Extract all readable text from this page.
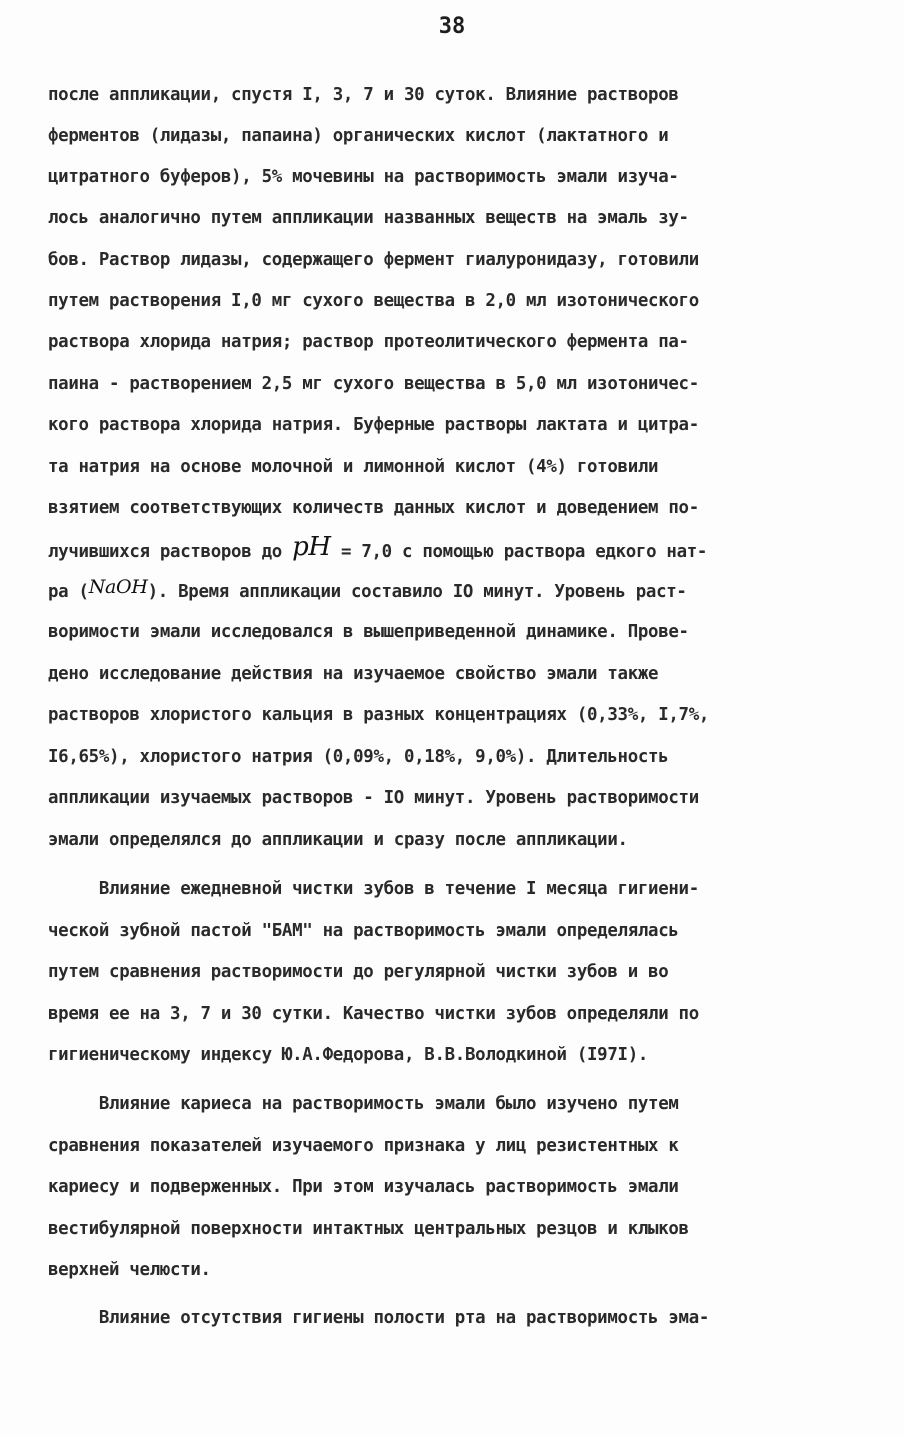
38
после аппликации, спустя I, 3, 7 и 30 суток. Влияние растворов
ферментов (лидазы, папаина) органических кислот (лактатного и
цитратного буферов), 5% мочевины на растворимость эмали изуча-
лось аналогично путем аппликации названных веществ на эмаль зу-
бов. Раствор лидазы, содержащего фермент гиалуронидазу, готовили
путем растворения I,0 мг сухого вещества в 2,0 мл изотонического
раствора хлорида натрия; раствор протеолитического фермента па-
паина - растворением 2,5 мг сухого вещества в 5,0 мл изотоничес-
кого раствора хлорида натрия. Буферные растворы лактата и цитра-
та натрия на основе молочной и лимонной кислот (4%) готовили
взятием соответствующих количеств данных кислот и доведением по-
лучившихся растворов до pH = 7,0 с помощью раствора едкого нат-
ра (NaOH). Время аппликации составило IO минут. Уровень раст-
воримости эмали исследовался в вышеприведенной динамике. Прове-
дено исследование действия на изучаемое свойство эмали также
растворов хлористого кальция в разных концентрациях (0,33%, I,7%,
I6,65%), хлористого натрия (0,09%, 0,18%, 9,0%). Длительность
аппликации изучаемых растворов - IO минут. Уровень растворимости
эмали определялся до аппликации и сразу после аппликации.
Влияние ежедневной чистки зубов в течение I месяца гигиени-
ческой зубной пастой "БАМ" на растворимость эмали определялась
путем сравнения растворимости до регулярной чистки зубов и во
время ее на 3, 7 и 30 сутки. Качество чистки зубов определяли по
гигиеническому индексу Ю.А.Федорова, В.В.Володкиной (I97I).
Влияние кариеса на растворимость эмали было изучено путем
сравнения показателей изучаемого признака у лиц резистентных к
кариесу и подверженных. При этом изучалась растворимость эмали
вестибулярной поверхности интактных центральных резцов и клыков
верхней челюсти.
Влияние отсутствия гигиены полости рта на растворимость эма-
